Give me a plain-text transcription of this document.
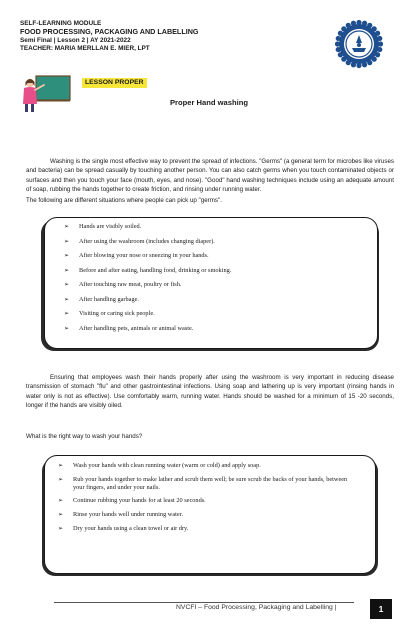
SELF-LEARNING MODULE
FOOD PROCESSING, PACKAGING AND LABELLING
Semi Final | Lesson 2 | AY 2021-2022
TEACHER: MARIA MERLLAN E. MIER, LPT
LESSON PROPER
Proper Hand washing

Washing is the single most effective way to prevent the spread of infections. "Germs" (a general term for microbes like viruses and bacteria) can be spread casually by touching another person. You can also catch germs when you touch contaminated objects or surfaces and then you touch your face (mouth, eyes, and nose). "Good" hand washing techniques include using an adequate amount of soap, rubbing the hands together to create friction, and rinsing under running water.

The following are different situations where people can pick up "germs".

➢ Hands are visibly soiled.
➢ After using the washroom (includes changing diaper).
➢ After blowing your nose or sneezing in your hands.
➢ Before and after eating, handling food, drinking or smoking.
➢ After touching raw meat, poultry or fish.
➢ After handling garbage.
➢ Visiting or caring sick people.
➢ After handling pets, animals or animal waste.

Ensuring that employees wash their hands properly after using the washroom is very important in reducing disease transmission of stomach "flu" and other gastrointestinal infections. Using soap and lathering up is very important (rinsing hands in water only is not as effective). Use comfortably warm, running water. Hands should be washed for a minimum of 15 -20 seconds, longer if the hands are visibly oiled.

What is the right way to wash your hands?

➢ Wash your hands with clean running water (warm or cold) and apply soap.
➢ Rub your hands together to make lather and scrub them well; be sure scrub the backs of your hands, between your fingers, and under your nails.
➢ Continue rubbing your hands for at least 20 seconds.
➢ Rinse your hands well under running water.
➢ Dry your hands using a clean towel or air dry.
NVCFI – Food Processing, Packaging and Labelling |	1
